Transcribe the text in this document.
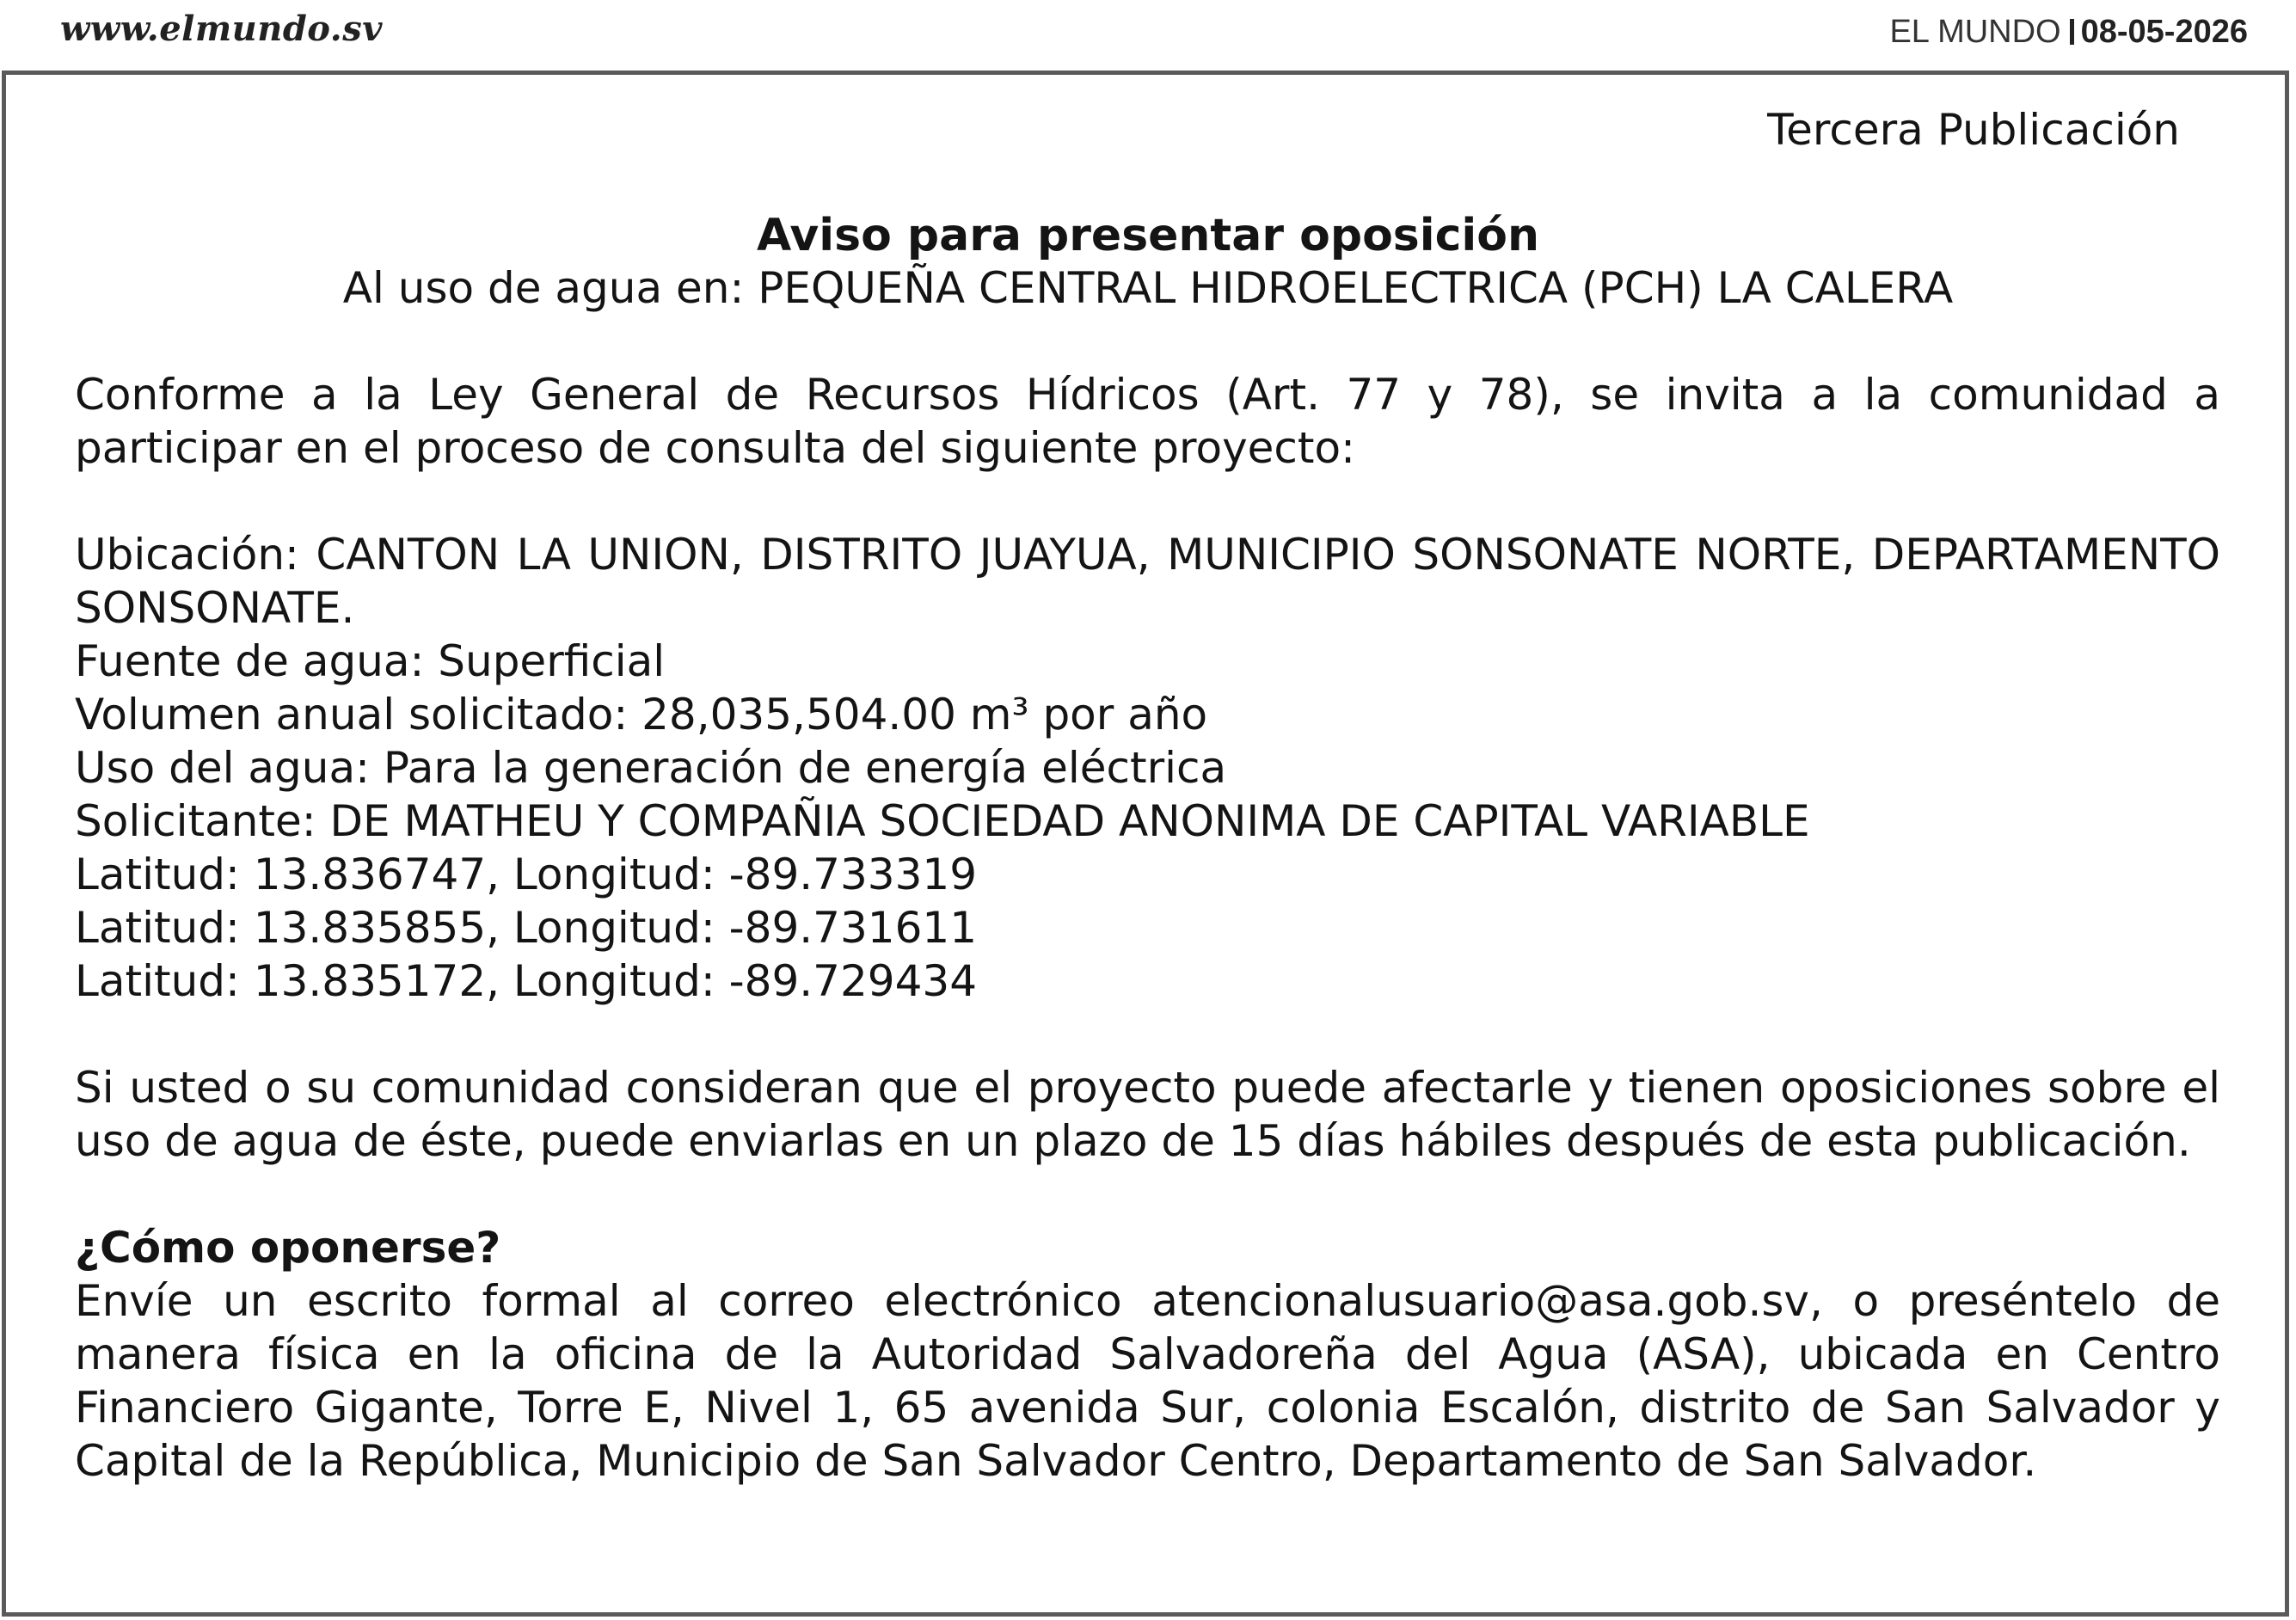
www.elmundo.sv	EL MUNDO 08-05-2026
Tercera Publicación
Aviso para presentar oposición
Al uso de agua en: PEQUEÑA CENTRAL HIDROELECTRICA (PCH) LA CALERA

Conforme a la Ley General de Recursos Hídricos (Art. 77 y 78), se invita a la comunidad a participar en el proceso de consulta del siguiente proyecto:

Ubicación: CANTON LA UNION, DISTRITO JUAYUA, MUNICIPIO SONSONATE NORTE, DEPARTAMENTO SONSONATE.

Fuente de agua: Superficial

Volumen anual solicitado: 28,035,504.00 m³ por año

Uso del agua: Para la generación de energía eléctrica

Solicitante: DE MATHEU Y COMPAÑIA SOCIEDAD ANONIMA DE CAPITAL VARIABLE

Latitud: 13.836747, Longitud: -89.733319

Latitud: 13.835855, Longitud: -89.731611

Latitud: 13.835172, Longitud: -89.729434

Si usted o su comunidad consideran que el proyecto puede afectarle y tienen oposiciones sobre el uso de agua de éste, puede enviarlas en un plazo de 15 días hábiles después de esta publicación.

¿Cómo oponerse?

Envíe un escrito formal al correo electrónico atencionalusuario@asa.gob.sv, o preséntelo de manera física en la oficina de la Autoridad Salvadoreña del Agua (ASA), ubicada en Centro Financiero Gigante, Torre E, Nivel 1, 65 avenida Sur, colonia Escalón, distrito de San Salvador y Capital de la República, Municipio de San Salvador Centro, Departamento de San Salvador.
